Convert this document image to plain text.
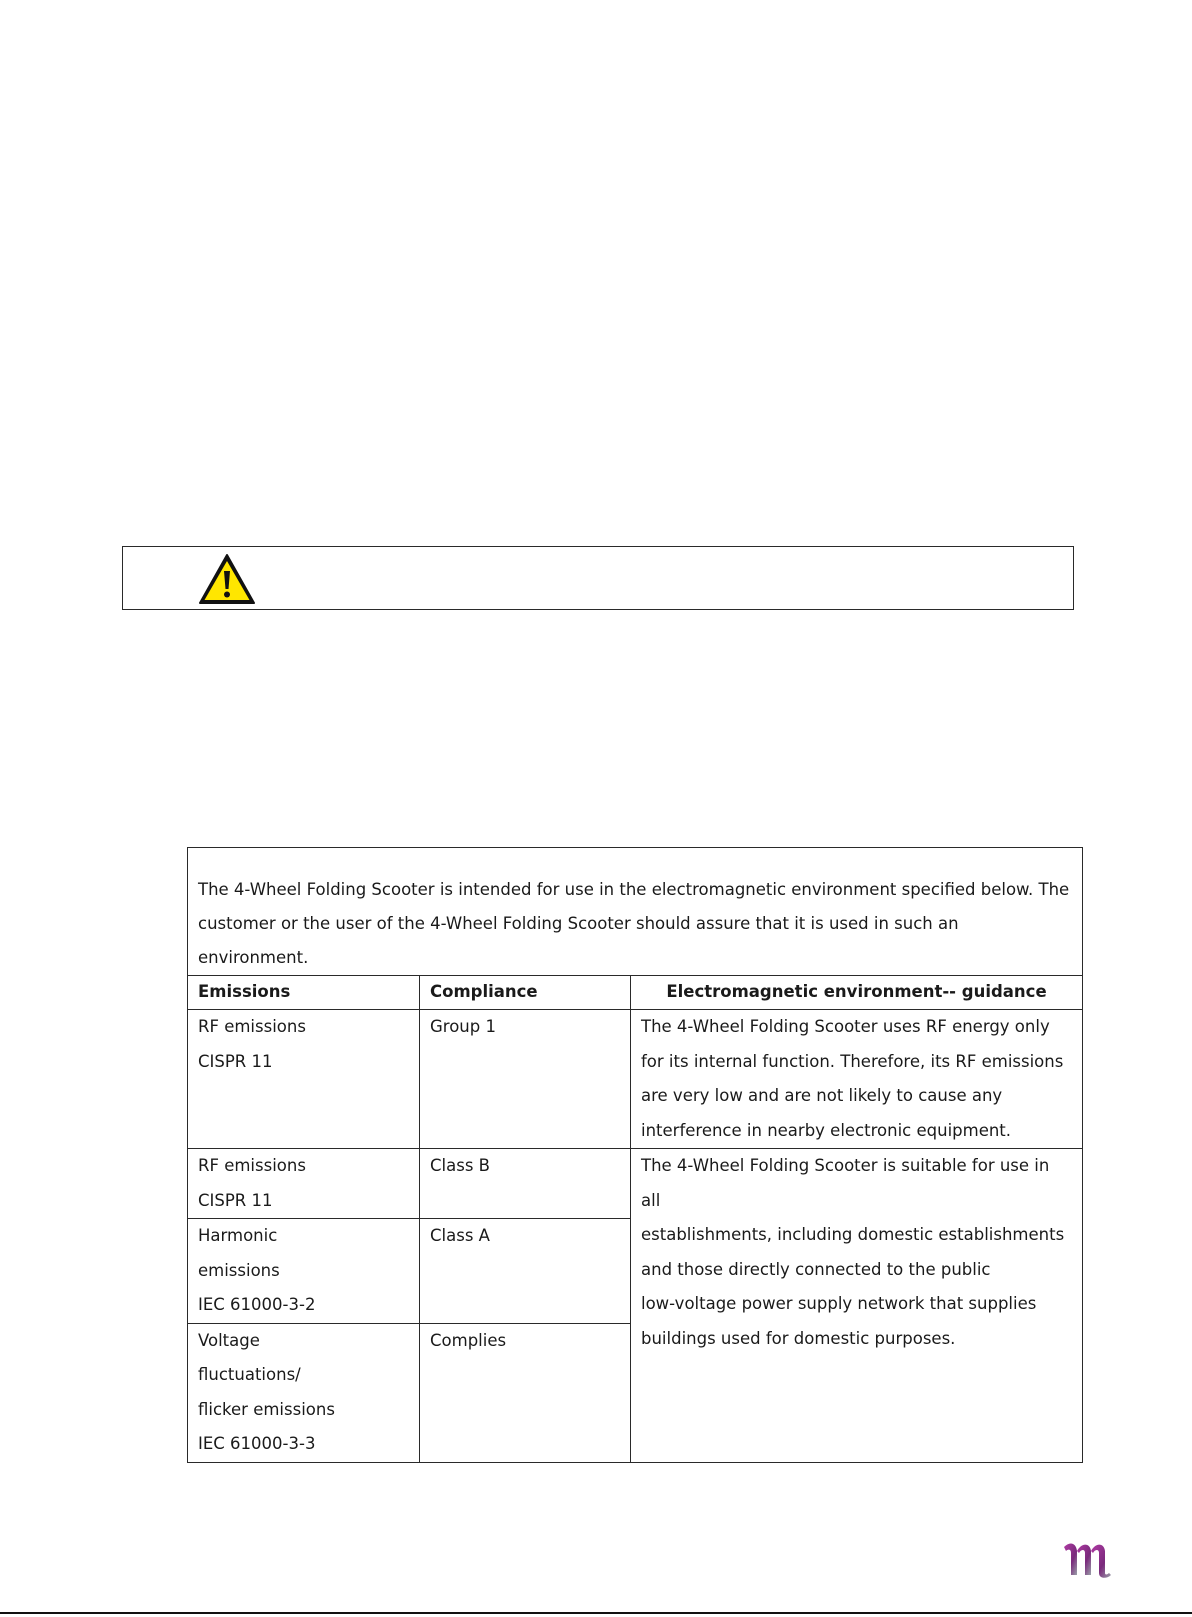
The 4-Wheel Folding Scooter is intended for use in the electromagnetic environment specified below. The
customer or the user of the 4-Wheel Folding Scooter should assure that it is used in such an environment.		

Emissions	Compliance	Electromagnetic environment-- guidance

RF emissions
CISPR 11	Group 1	The 4-Wheel Folding Scooter uses RF energy only
for its internal function. Therefore, its RF emissions
are very low and are not likely to cause any
interference in nearby electronic equipment.

RF emissions
CISPR 11	Class B	The 4-Wheel Folding Scooter is suitable for use in all
establishments, including domestic establishments
and those directly connected to the public
low-voltage power supply network that supplies
buildings used for domestic purposes.

Harmonic
emissions
IEC 61000-3-2	Class A	

Voltage
fluctuations/
flicker emissions
IEC 61000-3-3	Complies	
